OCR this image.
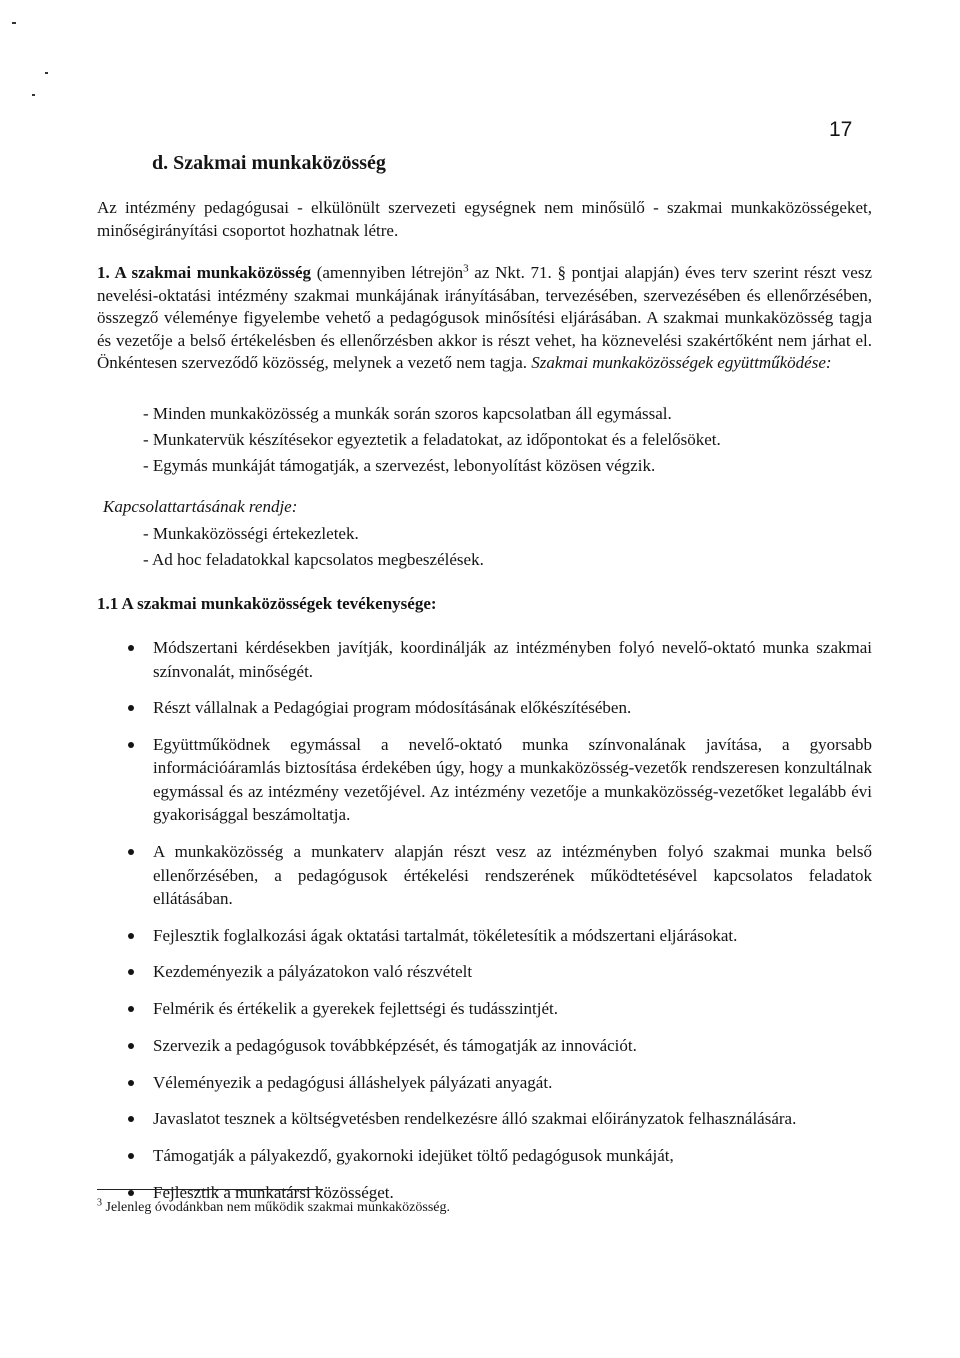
17
d. Szakmai munkaközösség
Az intézmény pedagógusai - elkülönült szervezeti egységnek nem minősülő - szakmai munkaközösségeket, minőségirányítási csoportot hozhatnak létre.
1. A szakmai munkaközösség (amennyiben létrejön$^3$ az Nkt. 71. § pontjai alapján) éves terv szerint részt vesz nevelési-oktatási intézmény szakmai munkájának irányításában, tervezésében, szervezésében és ellenőrzésében, összegző véleménye figyelembe vehető a pedagógusok minősítési eljárásában. A szakmai munkaközösség tagja és vezetője a belső értékelésben és ellenőrzésben akkor is részt vehet, ha köznevelési szakértőként nem járhat el. Önkéntesen szerveződő közösség, melynek a vezető nem tagja. Szakmai munkaközösségek együttműködése:
- Minden munkaközösség a munkák során szoros kapcsolatban áll egymással.
- Munkatervük készítésekor egyeztetik a feladatokat, az időpontokat és a felelősöket.
- Egymás munkáját támogatják, a szervezést, lebonyolítást közösen végzik.
Kapcsolattartásának rendje:
- Munkaközösségi értekezletek.
- Ad hoc feladatokkal kapcsolatos megbeszélések.
1.1 A szakmai munkaközösségek tevékenysége:
Módszertani kérdésekben javítják, koordinálják az intézményben folyó nevelő-oktató munka szakmai színvonalát, minőségét.
Részt vállalnak a Pedagógiai program módosításának előkészítésében.
Együttműködnek egymással a nevelő-oktató munka színvonalának javítása, a gyorsabb információáramlás biztosítása érdekében úgy, hogy a munkaközösség-vezetők rendszeresen konzultálnak egymással és az intézmény vezetőjével. Az intézmény vezetője a munkaközösség-vezetőket legalább évi gyakorisággal beszámoltatja.
A munkaközösség a munkaterv alapján részt vesz az intézményben folyó szakmai munka belső ellenőrzésében, a pedagógusok értékelési rendszerének működtetésével kapcsolatos feladatok ellátásában.
Fejlesztik foglalkozási ágak oktatási tartalmát, tökéletesítik a módszertani eljárásokat.
Kezdeményezik a pályázatokon való részvételt
Felmérik és értékelik a gyerekek fejlettségi és tudásszintjét.
Szervezik a pedagógusok továbbképzését, és támogatják az innovációt.
Véleményezik a pedagógusi álláshelyek pályázati anyagát.
Javaslatot tesznek a költségvetésben rendelkezésre álló szakmai előirányzatok felhasználására.
Támogatják a pályakezdő, gyakornoki idejüket töltő pedagógusok munkáját,
Fejlesztik a munkatársi közösséget.
$^3$ Jelenleg óvodánkban nem működik szakmai munkaközösség.
